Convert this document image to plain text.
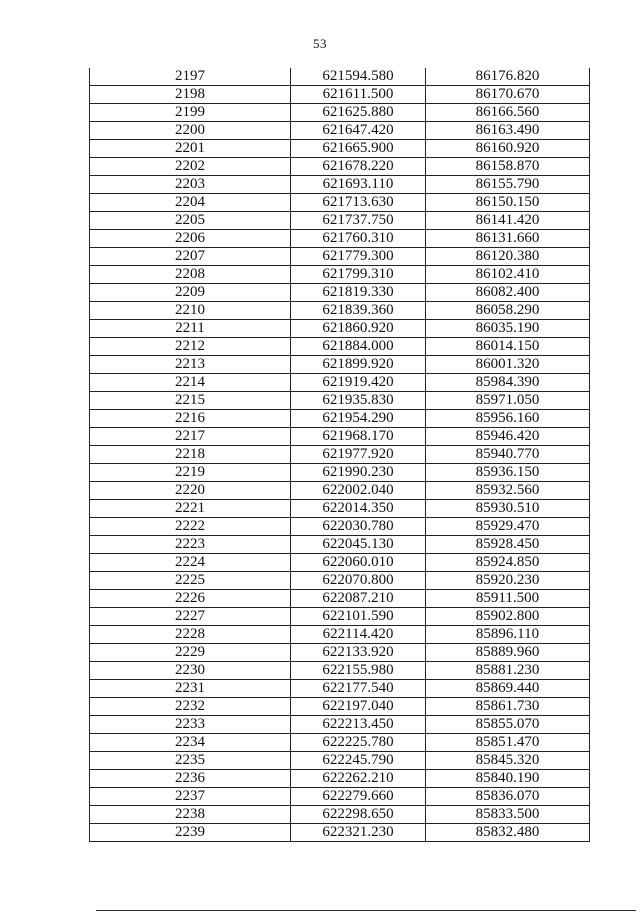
53
2197	621594.580	86176.820
2198	621611.500	86170.670
2199	621625.880	86166.560
2200	621647.420	86163.490
2201	621665.900	86160.920
2202	621678.220	86158.870
2203	621693.110	86155.790
2204	621713.630	86150.150
2205	621737.750	86141.420
2206	621760.310	86131.660
2207	621779.300	86120.380
2208	621799.310	86102.410
2209	621819.330	86082.400
2210	621839.360	86058.290
2211	621860.920	86035.190
2212	621884.000	86014.150
2213	621899.920	86001.320
2214	621919.420	85984.390
2215	621935.830	85971.050
2216	621954.290	85956.160
2217	621968.170	85946.420
2218	621977.920	85940.770
2219	621990.230	85936.150
2220	622002.040	85932.560
2221	622014.350	85930.510
2222	622030.780	85929.470
2223	622045.130	85928.450
2224	622060.010	85924.850
2225	622070.800	85920.230
2226	622087.210	85911.500
2227	622101.590	85902.800
2228	622114.420	85896.110
2229	622133.920	85889.960
2230	622155.980	85881.230
2231	622177.540	85869.440
2232	622197.040	85861.730
2233	622213.450	85855.070
2234	622225.780	85851.470
2235	622245.790	85845.320
2236	622262.210	85840.190
2237	622279.660	85836.070
2238	622298.650	85833.500
2239	622321.230	85832.480
